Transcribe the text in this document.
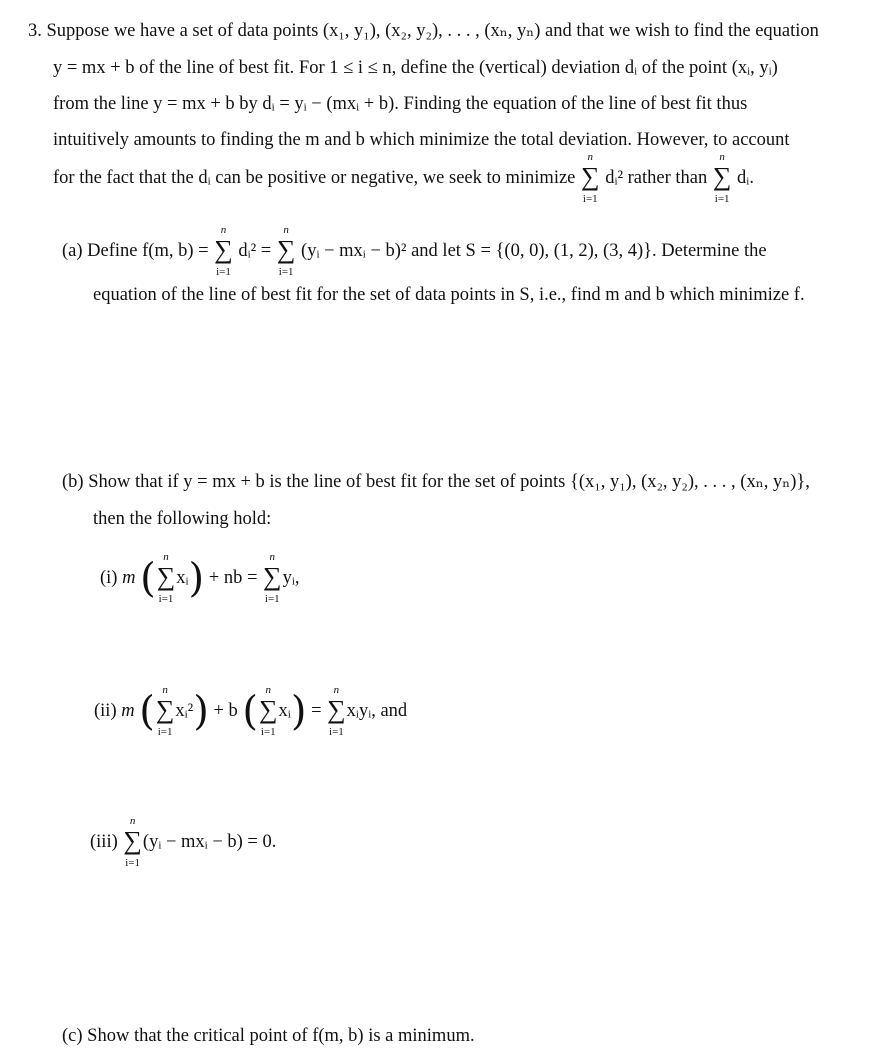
3. Suppose we have a set of data points (x₁, y₁), (x₂, y₂), . . . , (xₙ, yₙ) and that we wish to find the equation
y = mx + b of the line of best fit. For 1 ≤ i ≤ n, define the (vertical) deviation dᵢ of the point (xᵢ, yᵢ)
from the line y = mx + b by dᵢ = yᵢ − (mxᵢ + b). Finding the equation of the line of best fit thus
intuitively amounts to finding the m and b which minimize the total deviation. However, to account
for the fact that the dᵢ can be positive or negative, we seek to minimize
n
∑
i=1
dᵢ² rather than
n
∑
i=1
dᵢ.
(a) Define f(m, b) =
n
∑
i=1
dᵢ² =
n
∑
i=1
(yᵢ − mxᵢ − b)² and let S = {(0, 0), (1, 2), (3, 4)}. Determine the
equation of the line of best fit for the set of data points in S, i.e., find m and b which minimize f.
(b) Show that if y = mx + b is the line of best fit for the set of points {(x₁, y₁), (x₂, y₂), . . . , (xₙ, yₙ)},
then the following hold:
(i) m ( n
∑
i=1
xᵢ) + nb =
n
∑
i=1
yᵢ,
(ii) m ( n
∑
i=1
xᵢ²) + b ( n
∑
i=1
xᵢ) =
n
∑
i=1
xᵢyᵢ, and
(iii)
n
∑
i=1
(yᵢ − mxᵢ − b) = 0.
(c) Show that the critical point of f(m, b) is a minimum.
